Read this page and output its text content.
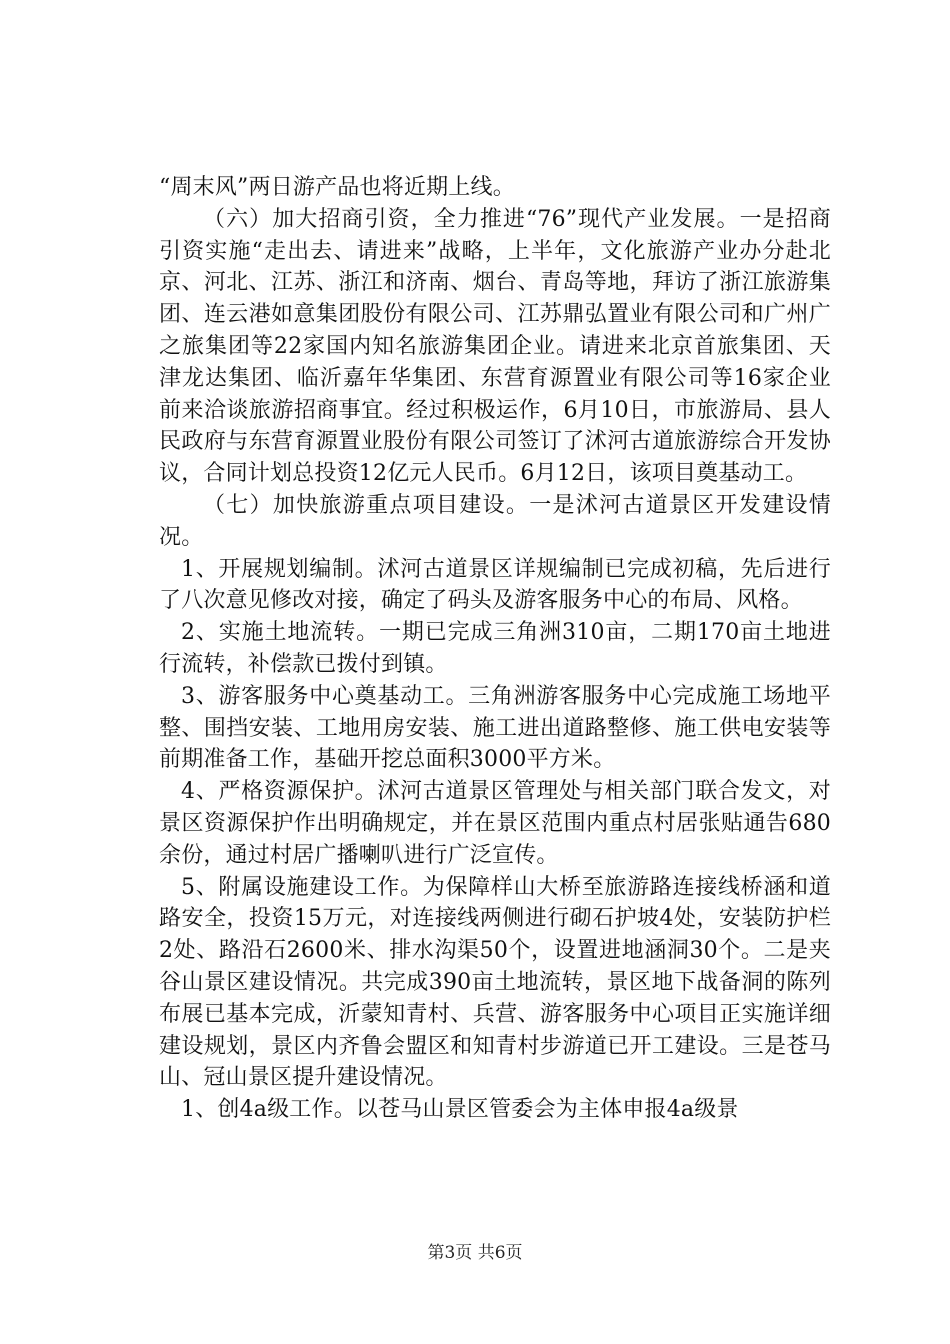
“周末风”两日游产品也将近期上线。

（六）加大招商引资，全力推进“76”现代产业发展。一是招商引资实施“走出去、请进来”战略，上半年，文化旅游产业办分赴北京、河北、江苏、浙江和济南、烟台、青岛等地，拜访了浙江旅游集团、连云港如意集团股份有限公司、江苏鼎弘置业有限公司和广州广之旅集团等22家国内知名旅游集团企业。请进来北京首旅集团、天津龙达集团、临沂嘉年华集团、东营育源置业有限公司等16家企业前来洽谈旅游招商事宜。经过积极运作，6月10日，市旅游局、县人民政府与东营育源置业股份有限公司签订了沭河古道旅游综合开发协议，合同计划总投资12亿元人民币。6月12日，该项目奠基动工。

（七）加快旅游重点项目建设。一是沭河古道景区开发建设情况。

1、开展规划编制。沭河古道景区详规编制已完成初稿，先后进行了八次意见修改对接，确定了码头及游客服务中心的布局、风格。

2、实施土地流转。一期已完成三角洲310亩，二期170亩土地进行流转，补偿款已拨付到镇。

3、游客服务中心奠基动工。三角洲游客服务中心完成施工场地平整、围挡安装、工地用房安装、施工进出道路整修、施工供电安装等前期准备工作，基础开挖总面积3000平方米。

4、严格资源保护。沭河古道景区管理处与相关部门联合发文，对景区资源保护作出明确规定，并在景区范围内重点村居张贴通告680余份，通过村居广播喇叭进行广泛宣传。

5、附属设施建设工作。为保障样山大桥至旅游路连接线桥涵和道路安全，投资15万元，对连接线两侧进行砌石护坡4处，安装防护栏2处、路沿石2600米、排水沟渠50个，设置进地涵洞30个。二是夹谷山景区建设情况。共完成390亩土地流转，景区地下战备洞的陈列布展已基本完成，沂蒙知青村、兵营、游客服务中心项目正实施详细建设规划，景区内齐鲁会盟区和知青村步游道已开工建设。三是苍马山、冠山景区提升建设情况。

1、创4a级工作。以苍马山景区管委会为主体申报4a级景

第3页 共6页
